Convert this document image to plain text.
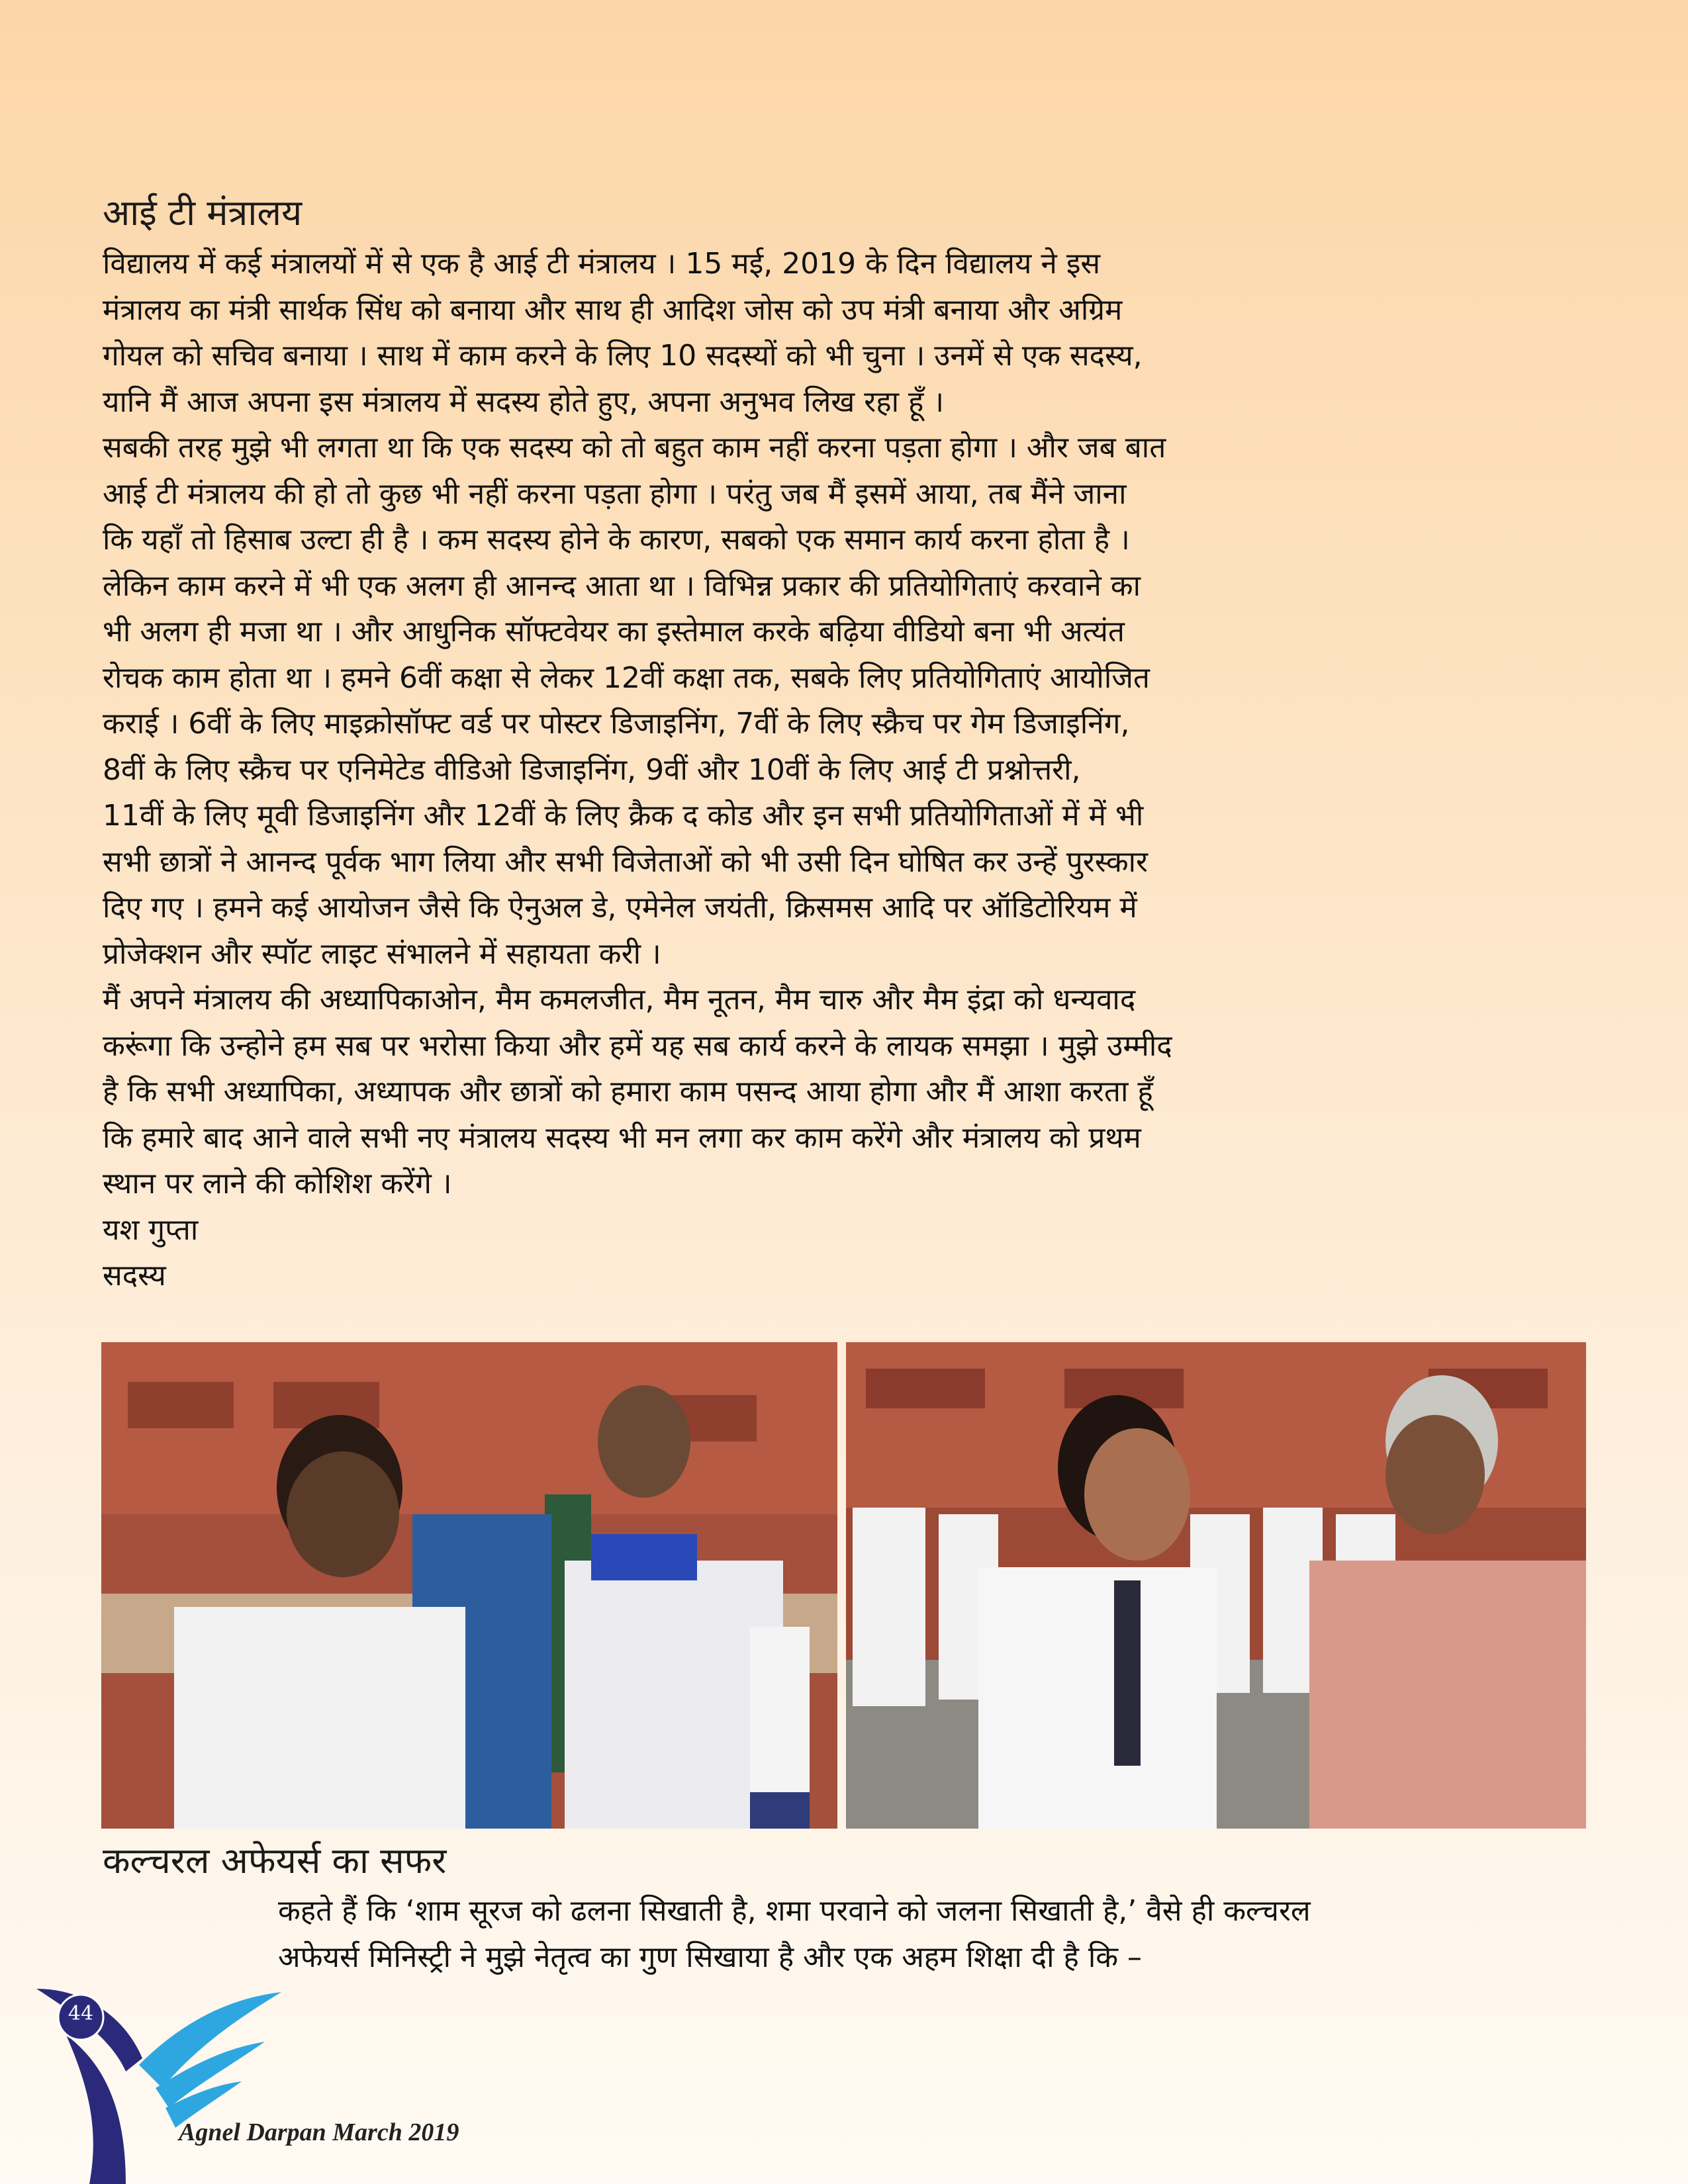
आई टी मंत्रालय
विद्यालय में कई मंत्रालयों में से एक है आई टी मंत्रालय । 15 मई, 2019 के दिन विद्यालय ने इस
मंत्रालय का मंत्री सार्थक सिंध को बनाया और साथ ही आदिश जोस को उप मंत्री बनाया और अग्रिम
गोयल को सचिव बनाया । साथ में काम करने के लिए 10 सदस्यों को भी चुना । उनमें से एक सदस्य,
यानि मैं आज अपना इस मंत्रालय में सदस्य होते हुए, अपना अनुभव लिख रहा हूँ ।
सबकी तरह मुझे भी लगता था कि एक सदस्य को तो बहुत काम नहीं करना पड़ता होगा । और जब बात
आई टी मंत्रालय की हो तो कुछ भी नहीं करना पड़ता होगा । परंतु जब मैं इसमें आया, तब मैंने जाना
कि यहाँ तो हिसाब उल्टा ही है । कम सदस्य होने के कारण, सबको एक समान कार्य करना होता है ।
लेकिन काम करने में भी एक अलग ही आनन्द आता था । विभिन्न प्रकार की प्रतियोगिताएं करवाने का
भी अलग ही मजा था । और आधुनिक सॉफ्टवेयर का इस्तेमाल करके बढ़िया वीडियो बना भी अत्यंत
रोचक काम होता था । हमने 6वीं कक्षा से लेकर 12वीं कक्षा तक, सबके लिए प्रतियोगिताएं आयोजित
कराई । 6वीं के लिए माइक्रोसॉफ्ट वर्ड पर पोस्टर डिजाइनिंग, 7वीं के लिए स्क्रैच पर गेम डिजाइनिंग,
8वीं के लिए स्क्रैच पर एनिमेटेड वीडिओ डिजाइनिंग, 9वीं और 10वीं के लिए आई टी प्रश्नोत्तरी,
11वीं के लिए मूवी डिजाइनिंग और 12वीं के लिए क्रैक द कोड और इन सभी प्रतियोगिताओं में में भी
सभी छात्रों ने आनन्द पूर्वक भाग लिया और सभी विजेताओं को भी उसी दिन घोषित कर उन्हें पुरस्कार
दिए गए । हमने कई आयोजन जैसे कि ऐनुअल डे, एमेनेल जयंती, क्रिसमस आदि पर ऑडिटोरियम में
प्रोजेक्शन और स्पॉट लाइट संभालने में सहायता करी ।
मैं अपने मंत्रालय की अध्यापिकाओन, मैम कमलजीत, मैम नूतन, मैम चारु और मैम इंद्रा को धन्यवाद
करूंगा कि उन्होने हम सब पर भरोसा किया और हमें यह सब कार्य करने के लायक समझा । मुझे उम्मीद
है कि सभी अध्यापिका, अध्यापक और छात्रों को हमारा काम पसन्द आया होगा और मैं आशा करता हूँ
कि हमारे बाद आने वाले सभी नए मंत्रालय सदस्य भी मन लगा कर काम करेंगे और मंत्रालय को प्रथम
स्थान पर लाने की कोशिश करेंगे ।
यश गुप्ता
सदस्य
कल्चरल अफेयर्स का सफर
कहते हैं कि ‘शाम सूरज को ढलना सिखाती है, शमा परवाने को जलना सिखाती है,’ वैसे ही कल्चरल
अफेयर्स मिनिस्ट्री ने मुझे नेतृत्व का गुण सिखाया है और एक अहम शिक्षा दी है कि –
44
Agnel Darpan March 2019
